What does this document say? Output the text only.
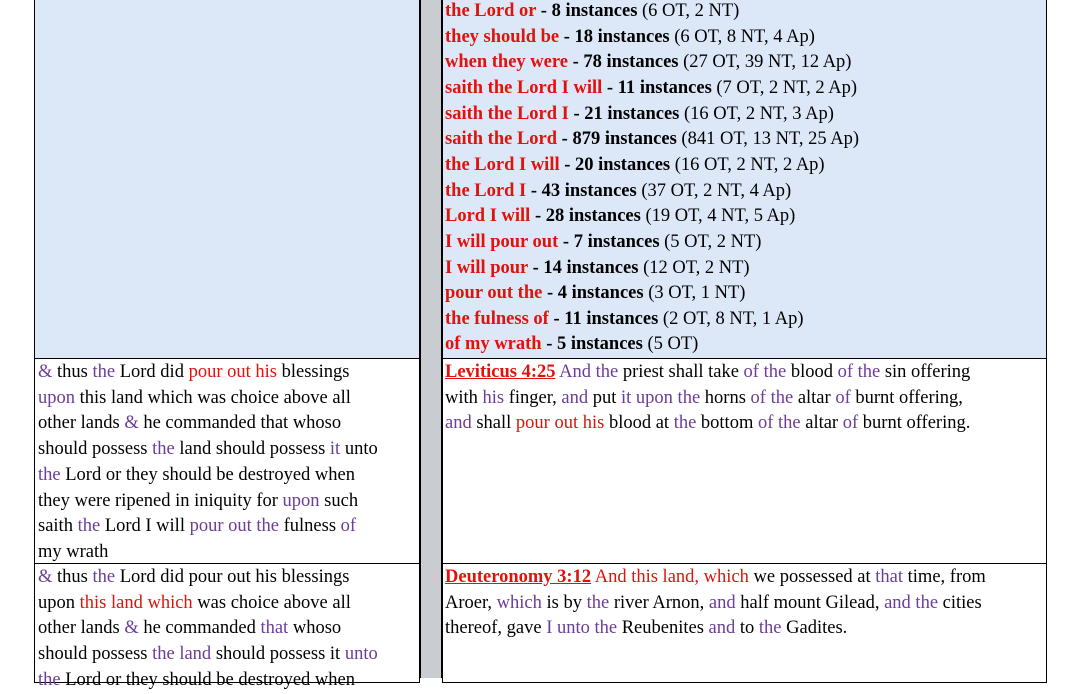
the Lord or - 8 instances (6 OT, 2 NT)
they should be - 18 instances (6 OT, 8 NT, 4 Ap)
when they were - 78 instances (27 OT, 39 NT, 12 Ap)
saith the Lord I will - 11 instances (7 OT, 2 NT, 2 Ap)
saith the Lord I - 21 instances (16 OT, 2 NT, 3 Ap)
saith the Lord - 879 instances (841 OT, 13 NT, 25 Ap)
the Lord I will - 20 instances (16 OT, 2 NT, 2 Ap)
the Lord I - 43 instances (37 OT, 2 NT, 4 Ap)
Lord I will - 28 instances (19 OT, 4 NT, 5 Ap)
I will pour out - 7 instances (5 OT, 2 NT)
I will pour - 14 instances (12 OT, 2 NT)
pour out the - 4 instances (3 OT, 1 NT)
the fulness of - 11 instances (2 OT, 8 NT, 1 Ap)
of my wrath - 5 instances (5 OT)
& thus the Lord did pour out his blessings
upon this land which was choice above all
other lands & he commanded that whoso
should possess the land should possess it unto
the Lord or they should be destroyed when
they were ripened in iniquity for upon such
saith the Lord I will pour out the fulness of
my wrath
Leviticus 4:25 And the priest shall take of the blood of the sin offering
with his finger, and put it upon the horns of the altar of burnt offering,
and shall pour out his blood at the bottom of the altar of burnt offering.
& thus the Lord did pour out his blessings
upon this land which was choice above all
other lands & he commanded that whoso
should possess the land should possess it unto
the Lord or they should be destroyed when
Deuteronomy 3:12 And this land, which we possessed at that time, from
Aroer, which is by the river Arnon, and half mount Gilead, and the cities
thereof, gave I unto the Reubenites and to the Gadites.
